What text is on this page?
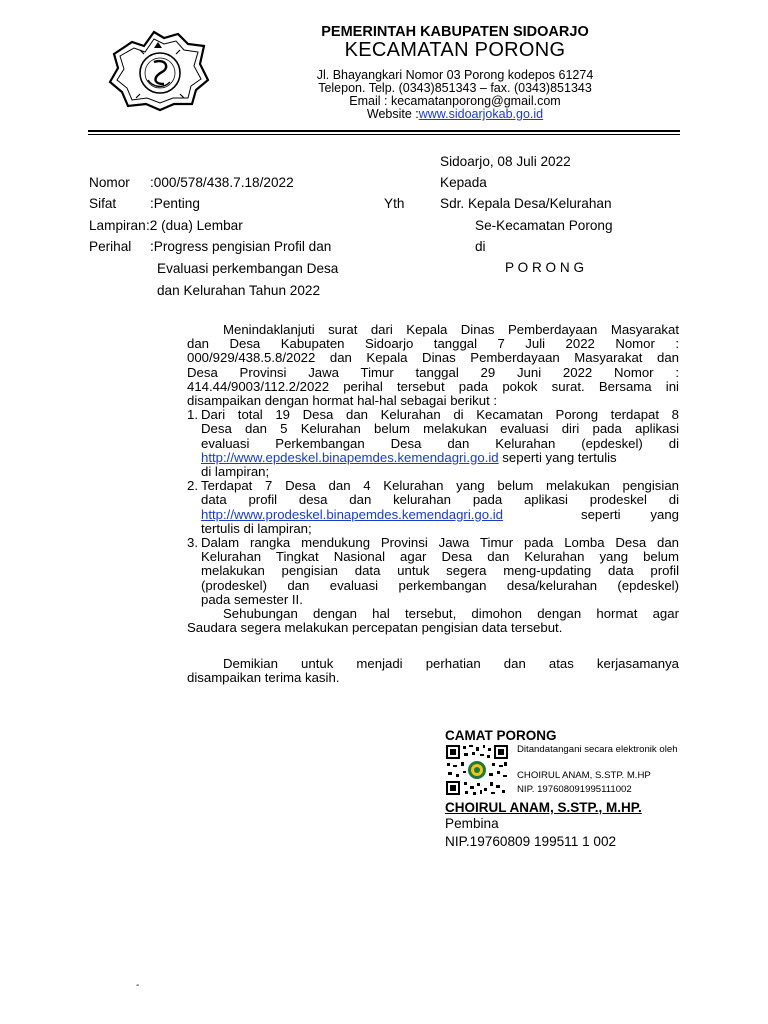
PEMERINTAH KABUPATEN SIDOARJO
KECAMATAN PORONG
Jl. Bhayangkari Nomor 03 Porong kodepos 61274
Telepon. Telp. (0343)851343 – fax. (0343)851343
Email : kecamatanporong@gmail.com
Website :www.sidoarjokab.go.id
Sidoarjo, 08 Juli 2022
Kepada
Yth	Sdr. Kepala Desa/Kelurahan
Se-Kecamatan Porong
di
P O R O N G
Nomor :000/578/438.7.18/2022
Sifat :Penting
Lampiran :2 (dua) Lembar
Perihal :Progress pengisian Profil dan
Evaluasi perkembangan Desa
dan Kelurahan Tahun 2022
Menindaklanjuti surat dari Kepala Dinas Pemberdayaan Masyarakat
dan Desa Kabupaten Sidoarjo tanggal 7 Juli 2022 Nomor :
000/929/438.5.8/2022 dan Kepala Dinas Pemberdayaan Masyarakat dan
Desa Provinsi Jawa Timur tanggal 29 Juni 2022 Nomor :
414.44/9003/112.2/2022 perihal tersebut pada pokok surat. Bersama ini
disampaikan dengan hormat hal-hal sebagai berikut :
1. Dari total 19 Desa dan Kelurahan di Kecamatan Porong terdapat 8
Desa dan 5 Kelurahan belum melakukan evaluasi diri pada aplikasi
evaluasi Perkembangan Desa dan Kelurahan (epdeskel) di
http://www.epdeskel.binapemdes.kemendagri.go.id seperti yang tertulis
di lampiran;
2. Terdapat 7 Desa dan 4 Kelurahan yang belum melakukan pengisian
data profil desa dan kelurahan pada aplikasi prodeskel di
http://www.prodeskel.binapemdes.kemendagri.go.id	seperti yang
tertulis di lampiran;
3. Dalam rangka mendukung Provinsi Jawa Timur pada Lomba Desa dan
Kelurahan Tingkat Nasional agar Desa dan Kelurahan yang belum
melakukan pengisian data untuk segera meng-updating data profil
(prodeskel) dan evaluasi perkembangan desa/kelurahan (epdeskel)
pada semester II.
Sehubungan dengan hal tersebut, dimohon dengan hormat agar
Saudara segera melakukan percepatan pengisian data tersebut.
Demikian untuk menjadi perhatian dan atas kerjasamanya
disampaikan terima kasih.
CAMAT PORONG
Ditandatangani secara elektronik oleh
CHOIRUL ANAM, S.STP. M.HP
NIP. 197608091995111002
CHOIRUL ANAM, S.STP., M.HP.
Pembina
NIP.19760809 199511 1 002
-
